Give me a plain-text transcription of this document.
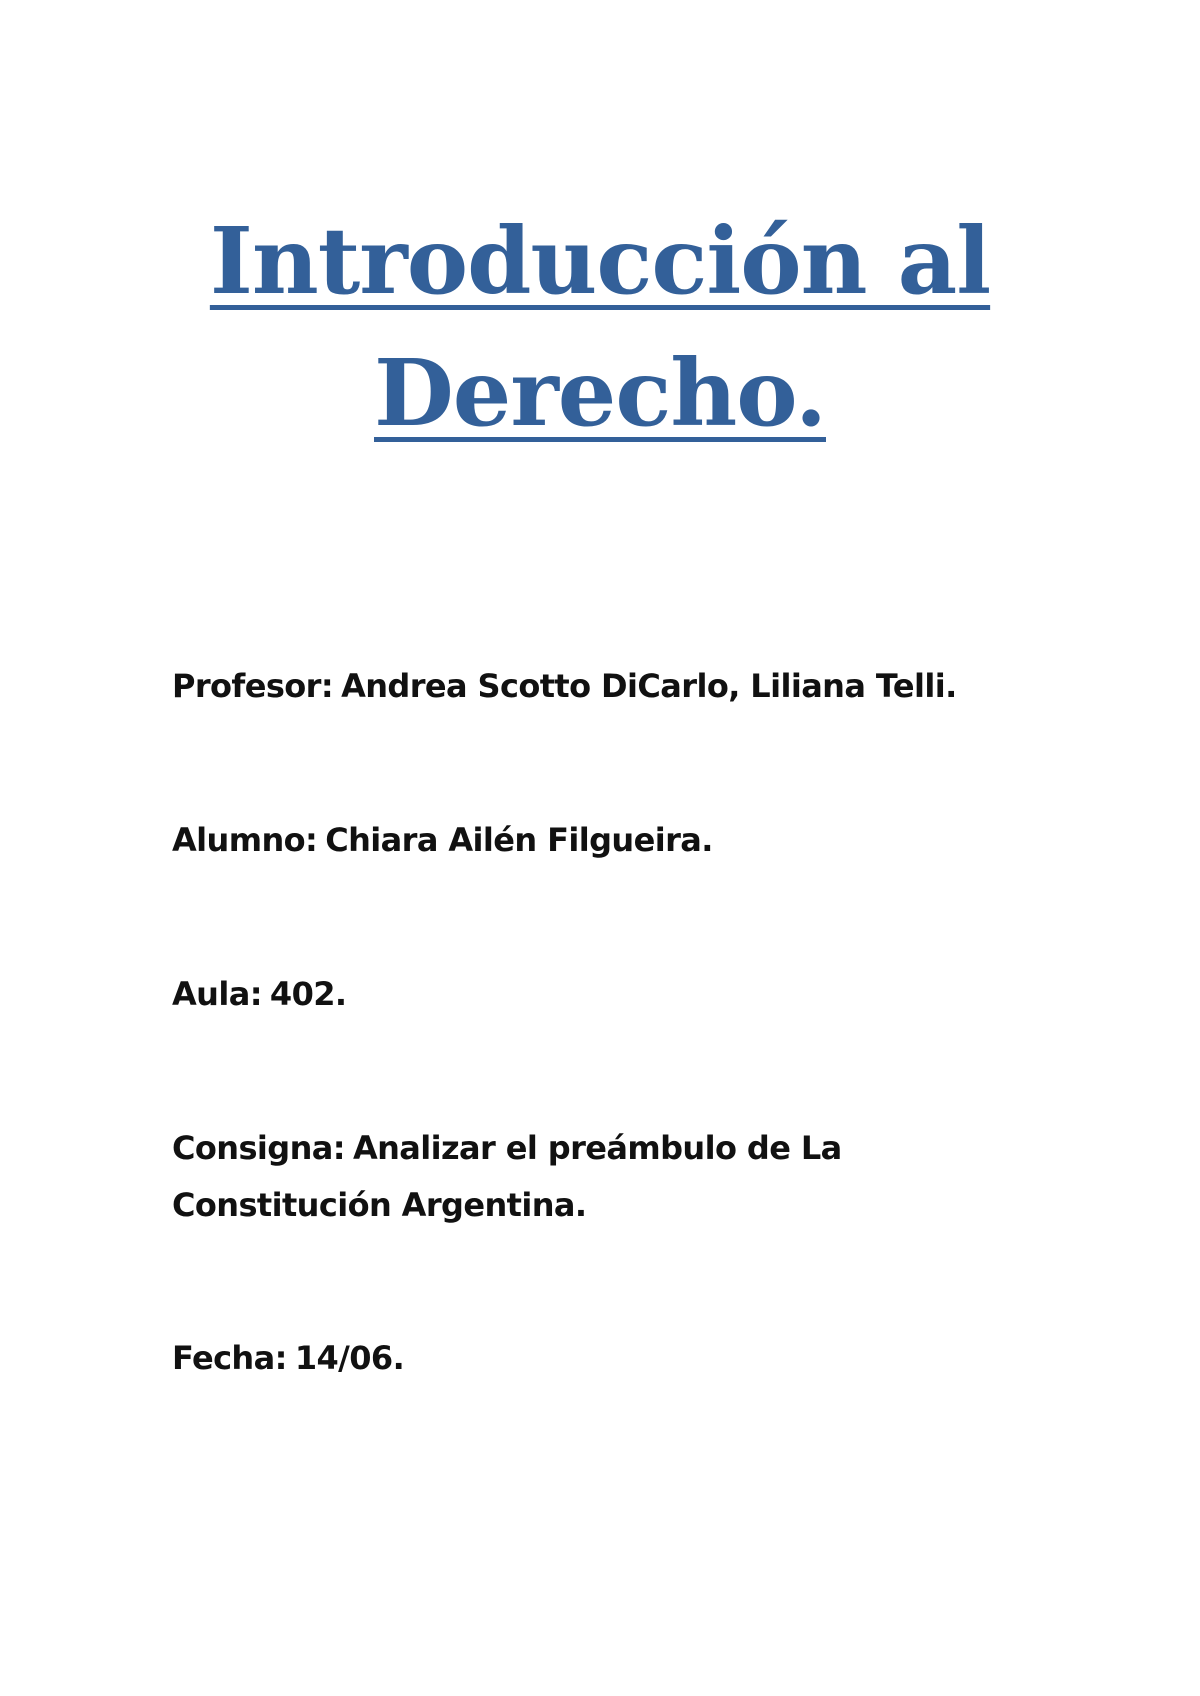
Introducción al
Derecho.
Profesor: Andrea Scotto DiCarlo, Liliana Telli.
Alumno: Chiara Ailén Filgueira.
Aula: 402.
Consigna: Analizar el preámbulo de La Constitución Argentina.
Fecha: 14/06.
